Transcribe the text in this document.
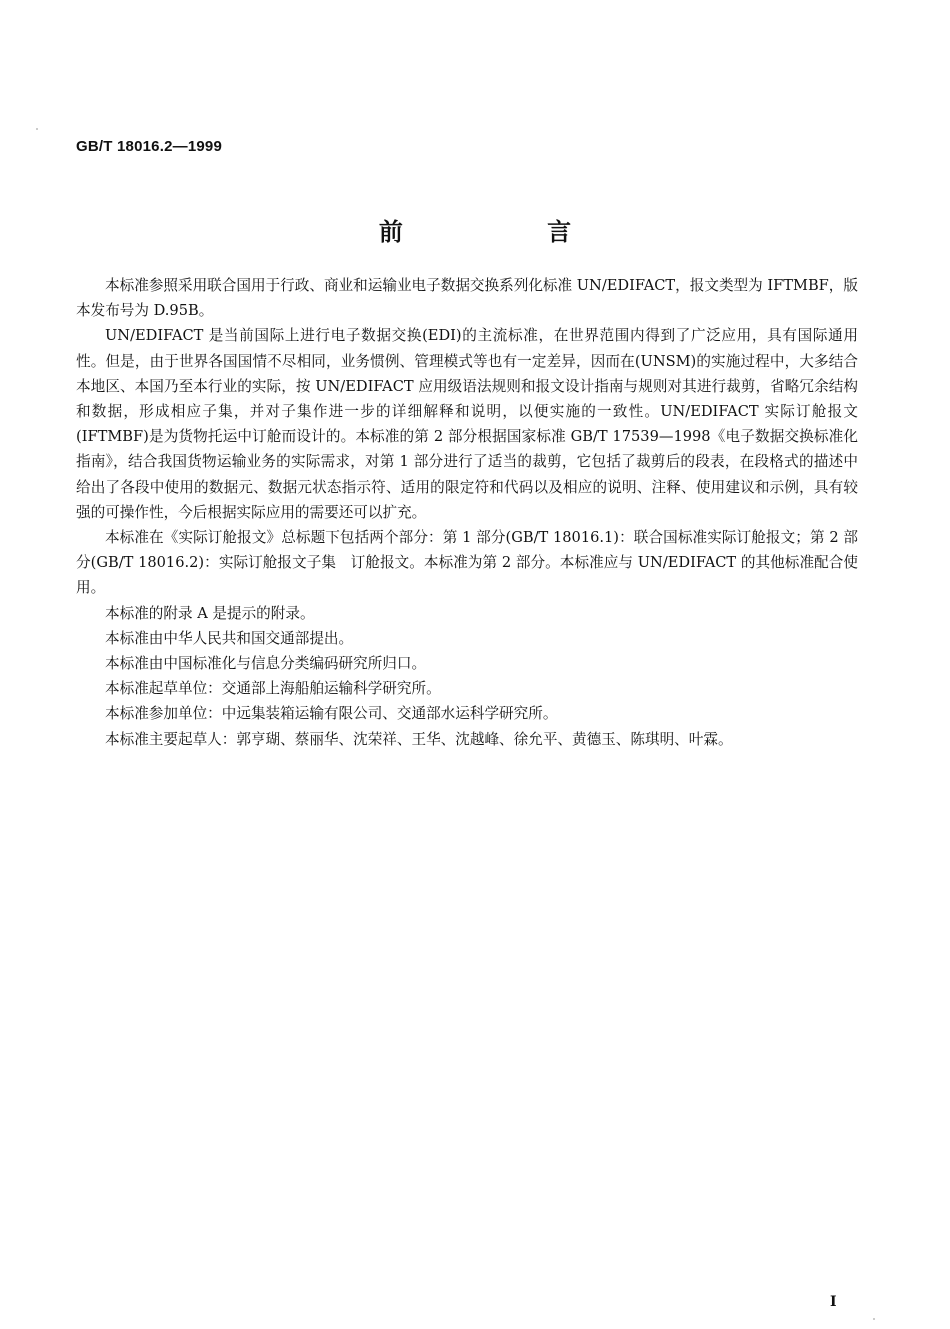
GB/T 18016.2—1999
前 言

本标准参照采用联合国用于行政、商业和运输业电子数据交换系列化标准 UN/EDIFACT，报文类型为 IFTMBF，版本发布号为 D.95B。

UN/EDIFACT 是当前国际上进行电子数据交换(EDI)的主流标准，在世界范围内得到了广泛应用，具有国际通用性。但是，由于世界各国国情不尽相同，业务惯例、管理模式等也有一定差异，因而在(UNSM)的实施过程中，大多结合本地区、本国乃至本行业的实际，按 UN/EDIFACT 应用级语法规则和报文设计指南与规则对其进行裁剪，省略冗余结构和数据，形成相应子集，并对子集作进一步的详细解释和说明，以便实施的一致性。UN/EDIFACT 实际订舱报文(IFTMBF)是为货物托运中订舱而设计的。本标准的第 2 部分根据国家标准 GB/T 17539—1998《电子数据交换标准化指南》，结合我国货物运输业务的实际需求，对第 1 部分进行了适当的裁剪，它包括了裁剪后的段表，在段格式的描述中给出了各段中使用的数据元、数据元状态指示符、适用的限定符和代码以及相应的说明、注释、使用建议和示例，具有较强的可操作性，今后根据实际应用的需要还可以扩充。

本标准在《实际订舱报文》总标题下包括两个部分：第 1 部分(GB/T 18016.1)：联合国标准实际订舱报文；第 2 部分(GB/T 18016.2)：实际订舱报文子集　订舱报文。本标准为第 2 部分。本标准应与 UN/EDIFACT 的其他标准配合使用。

本标准的附录 A 是提示的附录。

本标准由中华人民共和国交通部提出。

本标准由中国标准化与信息分类编码研究所归口。

本标准起草单位：交通部上海船舶运输科学研究所。

本标准参加单位：中远集装箱运输有限公司、交通部水运科学研究所。

本标准主要起草人：郭亨瑚、蔡丽华、沈荣祥、王华、沈越峰、徐允平、黄德玉、陈琪明、叶霖。

I
